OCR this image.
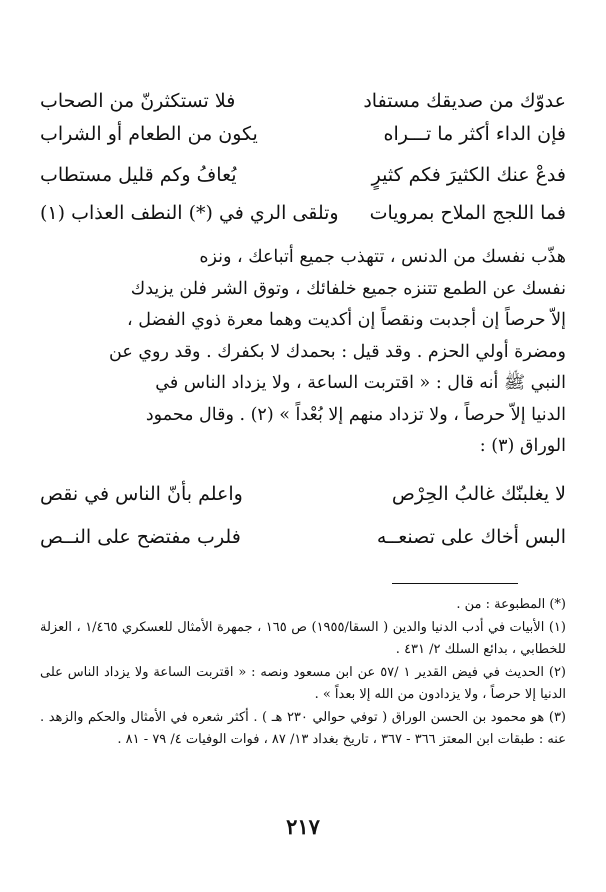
عدوّك من صديقك مستفاد
فلا تستكثرنّ من الصحاب
فإن الداء أكثر ما تـــراه
يكون من الطعام أو الشراب
فدعْ عنك الكثيرَ فكم كثيرٍ
يُعافُ وكم قليل مستطاب
فما اللجج الملاح بمرويات
وتلقى الري في (*) النطف العذاب (١)
هذّب نفسك من الدنس ، تتهذب جميع أتباعك ، ونزه
نفسك عن الطمع تتنزه جميع خلفائك ، وتوق الشر فلن يزيدك
إلاّ حرصاً إن أجدبت ونقصاً إن أكديت وهما معرة ذوي الفضل ،
ومضرة أولي الحزم . وقد قيل : بحمدك لا بكفرك . وقد روي عن
النبي ﷺ أنه قال : « اقتربت الساعة ، ولا يزداد الناس في
الدنيا إلاّ حرصاً ، ولا تزداد منهم إلا بُعْداً » (٢) . وقال محمود
الوراق (٣) :
لا يغلبنّك غالبُ الحِرْص
واعلم بأنّ الناس في نقص
البس أخاك على تصنعــه
فلرب مفتضح على النــص

(*) المطبوعة : من .

(١) الأبيات في أدب الدنيا والدين ( السقا/١٩٥٥) ص ١٦٥ ، جمهرة الأمثال للعسكري ١/٤٦٥ ، العزلة للخطابي ، بدائع السلك ٢/ ٤٣١ .

(٢) الحديث في فيض القدير ١ /٥٧ عن ابن مسعود ونصه : « اقتربت الساعة ولا يزداد الناس على الدنيا إلا حرصاً ، ولا يزدادون من الله إلا بعداً » .

(٣) هو محمود بن الحسن الوراق ( توفي حوالي ٢٣٠ هـ ) . أكثر شعره في الأمثال والحكم والزهد . عنه : طبقات ابن المعتز ٣٦٦ - ٣٦٧ ، تاريخ بغداد ١٣/ ٨٧ ، فوات الوفيات ٤/ ٧٩ - ٨١ .

٢١٧
